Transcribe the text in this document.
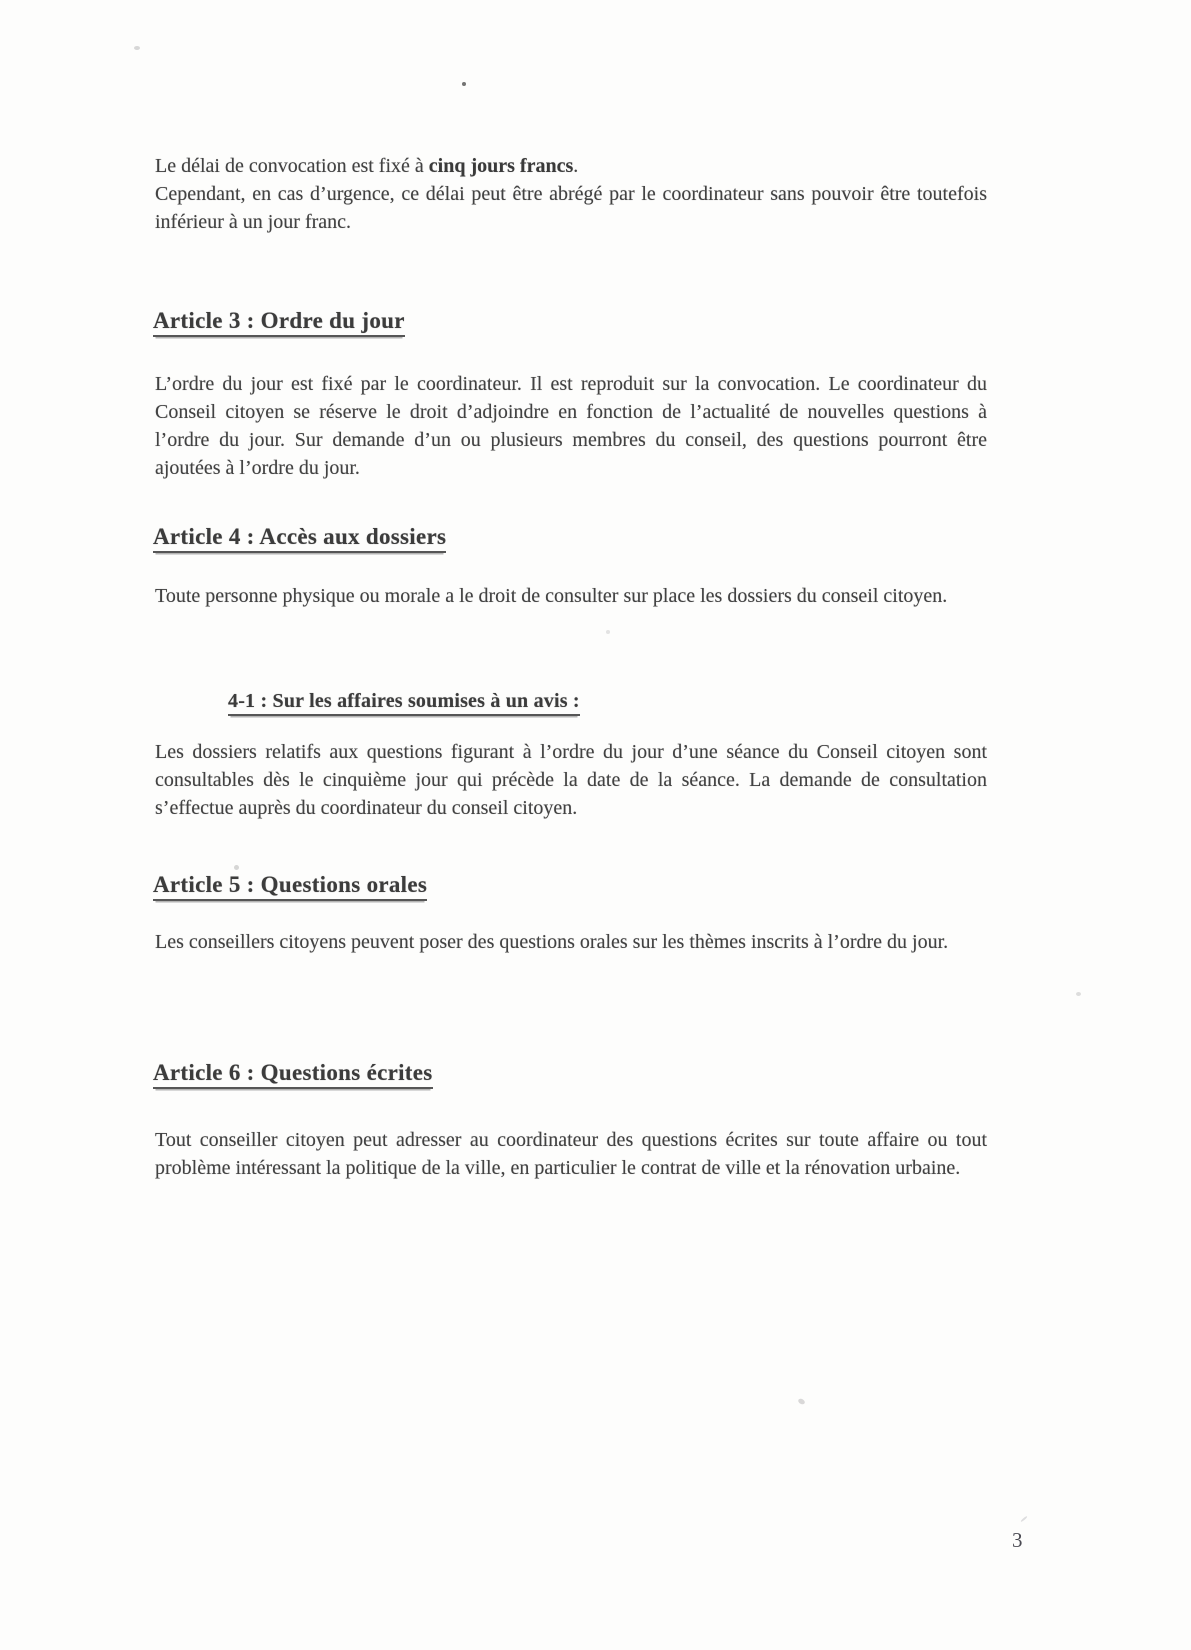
Le délai de convocation est fixé à cinq jours francs.
Cependant, en cas d’urgence, ce délai peut être abrégé par le coordinateur sans pouvoir être toutefois inférieur à un jour franc.
Article 3 : Ordre du jour
L’ordre du jour est fixé par le coordinateur. Il est reproduit sur la convocation. Le coordinateur du Conseil citoyen se réserve le droit d’adjoindre en fonction de l’actualité de nouvelles questions à l’ordre du jour. Sur demande d’un ou plusieurs membres du conseil, des questions pourront être ajoutées à l’ordre du jour.
Article 4 : Accès aux dossiers
Toute personne physique ou morale a le droit de consulter sur place les dossiers du conseil citoyen.
4-1 : Sur les affaires soumises à un avis :
Les dossiers relatifs aux questions figurant à l’ordre du jour d’une séance du Conseil citoyen sont consultables dès le cinquième jour qui précède la date de la séance. La demande de consultation s’effectue auprès du coordinateur du conseil citoyen.
Article 5 : Questions orales
Les conseillers citoyens peuvent poser des questions orales sur les thèmes inscrits à l’ordre du jour.
Article 6 : Questions écrites
Tout conseiller citoyen peut adresser au coordinateur des questions écrites sur toute affaire ou tout problème intéressant la politique de la ville, en particulier le contrat de ville et la rénovation urbaine.
3
